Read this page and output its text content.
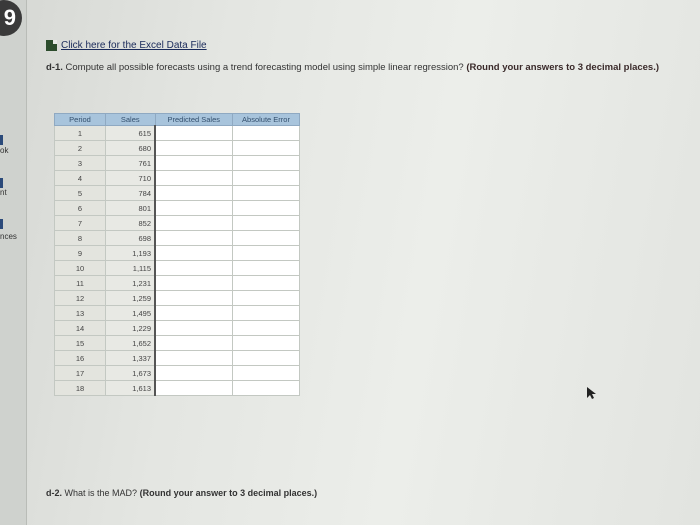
9
ok
nt
nces
Click here for the Excel Data File
d-1. Compute all possible forecasts using a trend forecasting model using simple linear regression? (Round your answers to 3 decimal places.)
Period	Sales	Predicted Sales	Absolute Error
1	615		
2	680		
3	761		
4	710		
5	784		
6	801		
7	852		
8	698		
9	1,193		
10	1,115		
11	1,231		
12	1,259		
13	1,495		
14	1,229		
15	1,652		
16	1,337		
17	1,673		
18	1,613		
d-2. What is the MAD? (Round your answer to 3 decimal places.)
